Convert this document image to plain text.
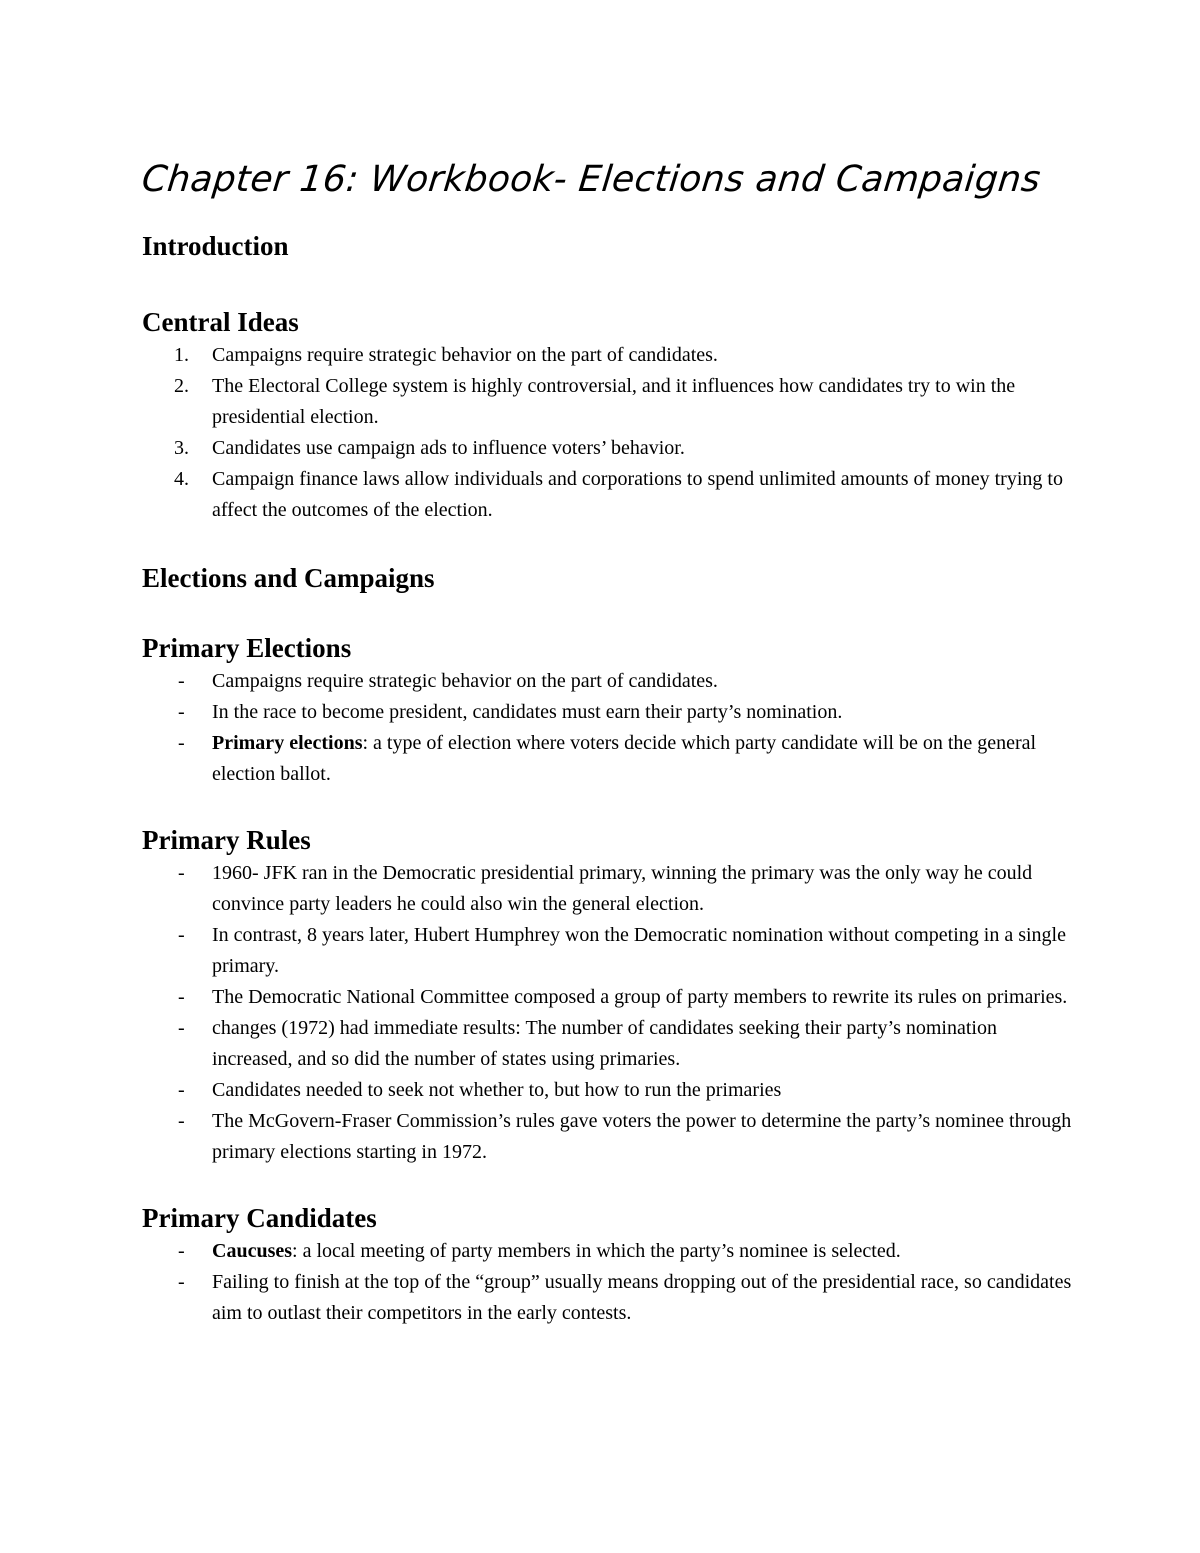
Chapter 16: Workbook- Elections and Campaigns
Introduction
Central Ideas
1. Campaigns require strategic behavior on the part of candidates.
2. The Electoral College system is highly controversial, and it influences how candidates try to win the presidential election.
3. Candidates use campaign ads to influence voters’ behavior.
4. Campaign finance laws allow individuals and corporations to spend unlimited amounts of money trying to affect the outcomes of the election.
Elections and Campaigns
Primary Elections
- Campaigns require strategic behavior on the part of candidates.
- In the race to become president, candidates must earn their party’s nomination.
- Primary elections: a type of election where voters decide which party candidate will be on the general election ballot.
Primary Rules
- 1960- JFK ran in the Democratic presidential primary, winning the primary was the only way he could convince party leaders he could also win the general election.
- In contrast, 8 years later, Hubert Humphrey won the Democratic nomination without competing in a single primary.
- The Democratic National Committee composed a group of party members to rewrite its rules on primaries.
- changes (1972) had immediate results: The number of candidates seeking their party’s nomination increased, and so did the number of states using primaries.
- Candidates needed to seek not whether to, but how to run the primaries
- The McGovern-Fraser Commission’s rules gave voters the power to determine the party’s nominee through primary elections starting in 1972.
Primary Candidates
- Caucuses: a local meeting of party members in which the party’s nominee is selected.
- Failing to finish at the top of the “group” usually means dropping out of the presidential race, so candidates aim to outlast their competitors in the early contests.
